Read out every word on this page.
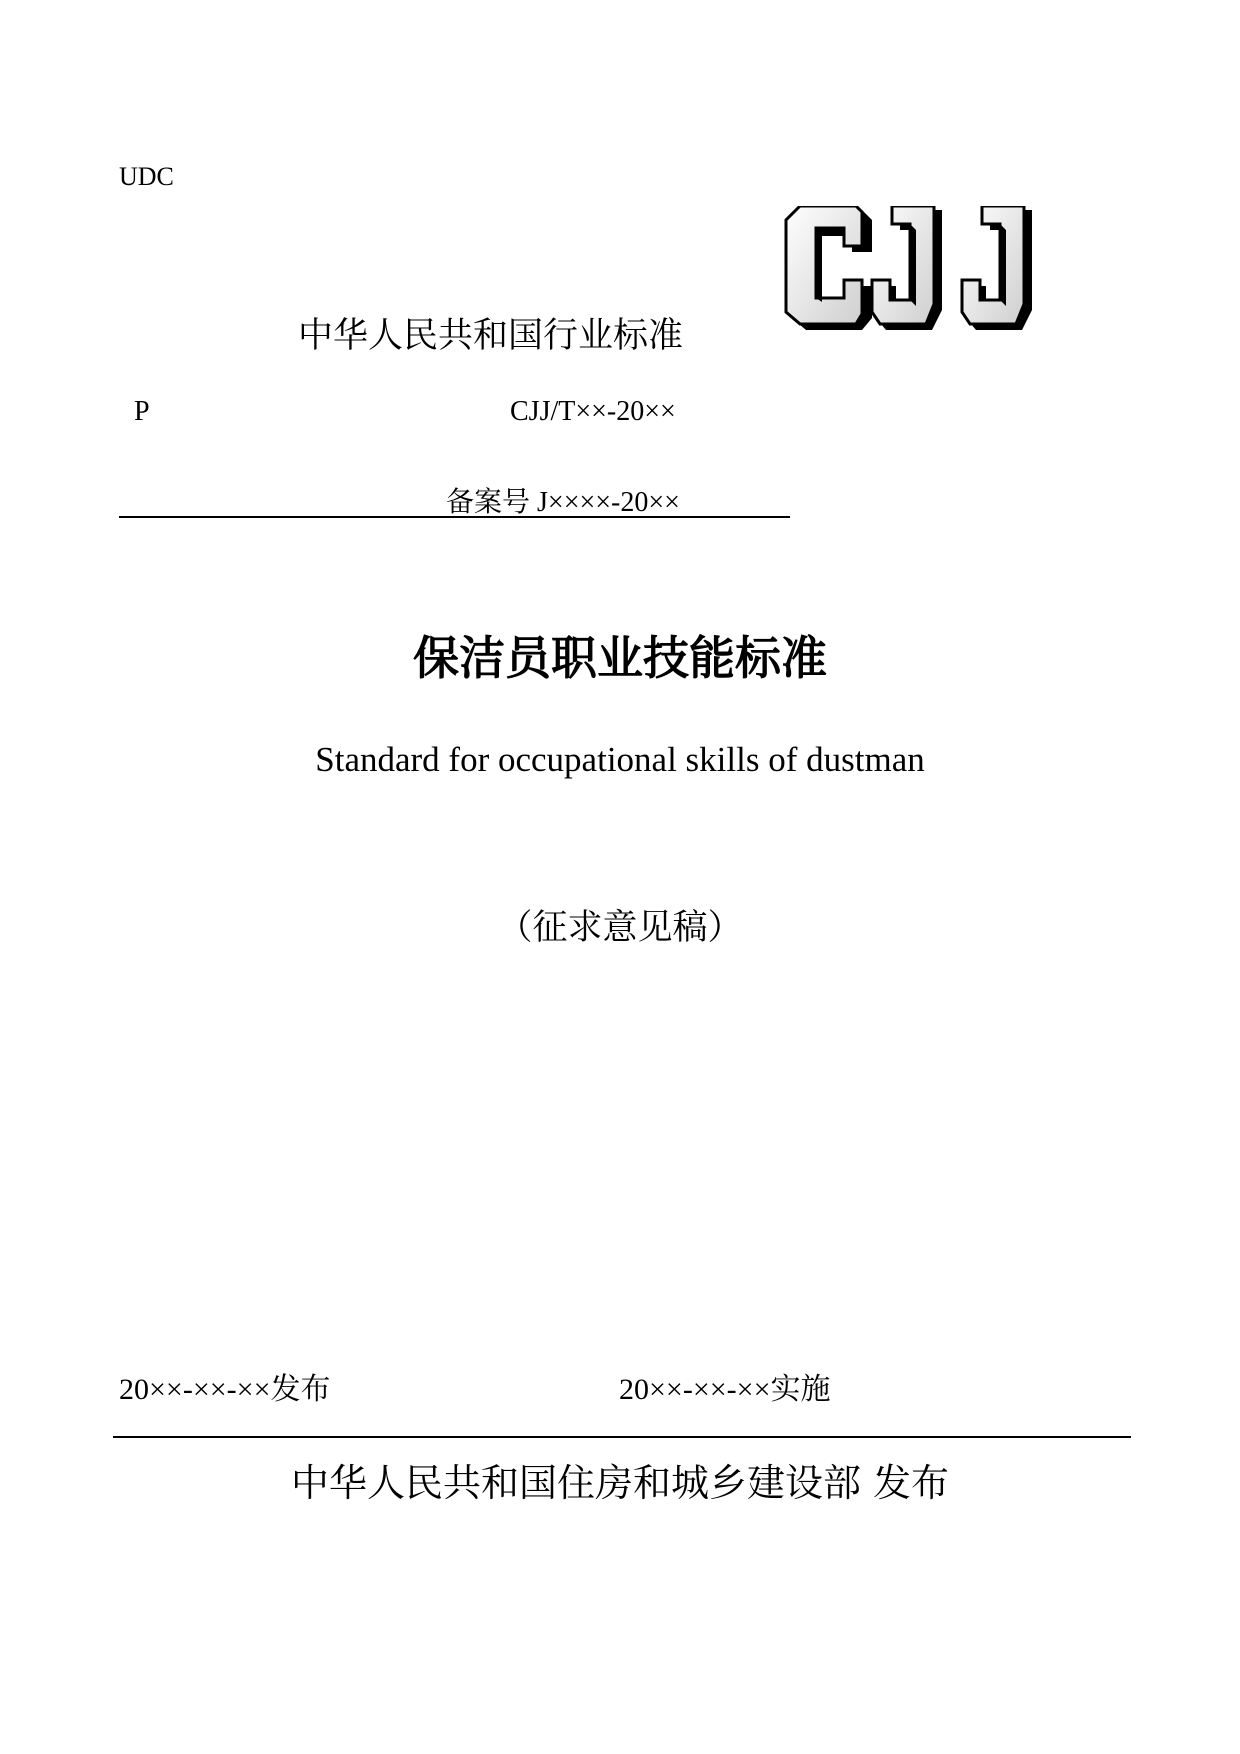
UDC
中华人民共和国行业标准
P	CJJ/T××-20××
备案号 J××××-20××
保洁员职业技能标准
Standard for occupational skills of dustman
（征求意见稿）
20××-××-××发布	20××-××-××实施
中华人民共和国住房和城乡建设部 发布
